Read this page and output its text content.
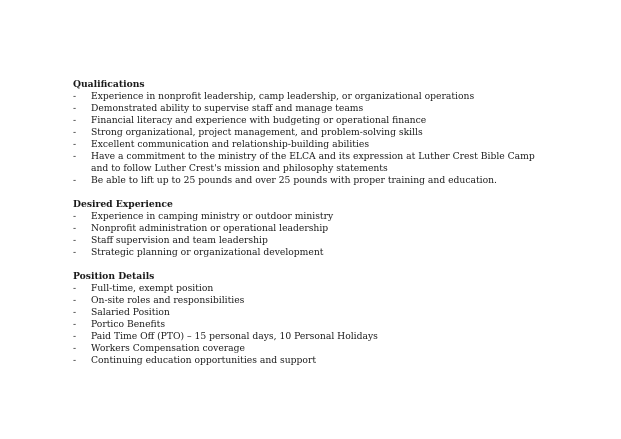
Qualifications

- Experience in nonprofit leadership, camp leadership, or organizational operations
- Demonstrated ability to supervise staff and manage teams
- Financial literacy and experience with budgeting or operational finance
- Strong organizational, project management, and problem-solving skills
- Excellent communication and relationship-building abilities
- Have a commitment to the ministry of the ELCA and its expression at Luther Crest Bible Camp and to follow Luther Crest's mission and philosophy statements
- Be able to lift up to 25 pounds and over 25 pounds with proper training and education.

Desired Experience

- Experience in camping ministry or outdoor ministry
- Nonprofit administration or operational leadership
- Staff supervision and team leadership
- Strategic planning or organizational development

Position Details

- Full-time, exempt position
- On-site roles and responsibilities
- Salaried Position
- Portico Benefits
- Paid Time Off (PTO) – 15 personal days, 10 Personal Holidays
- Workers Compensation coverage
- Continuing education opportunities and support
